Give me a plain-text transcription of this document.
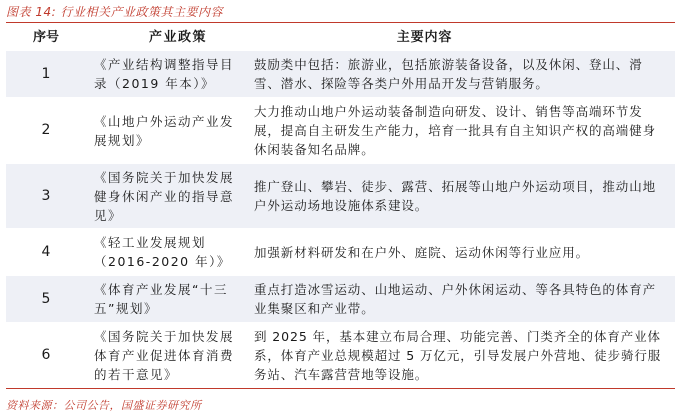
图表 14: 行业相关产业政策其主要内容
序号	产业政策	主要内容
1
《产业结构调整指导目录（2019 年本）》
鼓励类中包括：旅游业，包括旅游装备设备，以及休闲、登山、滑雪、潜水、探险等各类户外用品开发与营销服务。
2
《山地户外运动产业发展规划》
大力推动山地户外运动装备制造向研发、设计、销售等高端环节发展，提高自主研发生产能力，培育一批具有自主知识产权的高端健身休闲装备知名品牌。
3
《国务院关于加快发展健身休闲产业的指导意见》
推广登山、攀岩、徒步、露营、拓展等山地户外运动项目，推动山地户外运动场地设施体系建设。
4
《轻工业发展规划（2016-2020 年）》
加强新材料研发和在户外、庭院、运动休闲等行业应用。
5
《体育产业发展“十三五”规划》
重点打造冰雪运动、山地运动、户外休闲运动、等各具特色的体育产业集聚区和产业带。
6
《国务院关于加快发展体育产业促进体育消费的若干意见》
到 2025 年，基本建立布局合理、功能完善、门类齐全的体育产业体系，体育产业总规模超过 5 万亿元，引导发展户外营地、徒步骑行服务站、汽车露营营地等设施。
资料来源：公司公告，国盛证券研究所
